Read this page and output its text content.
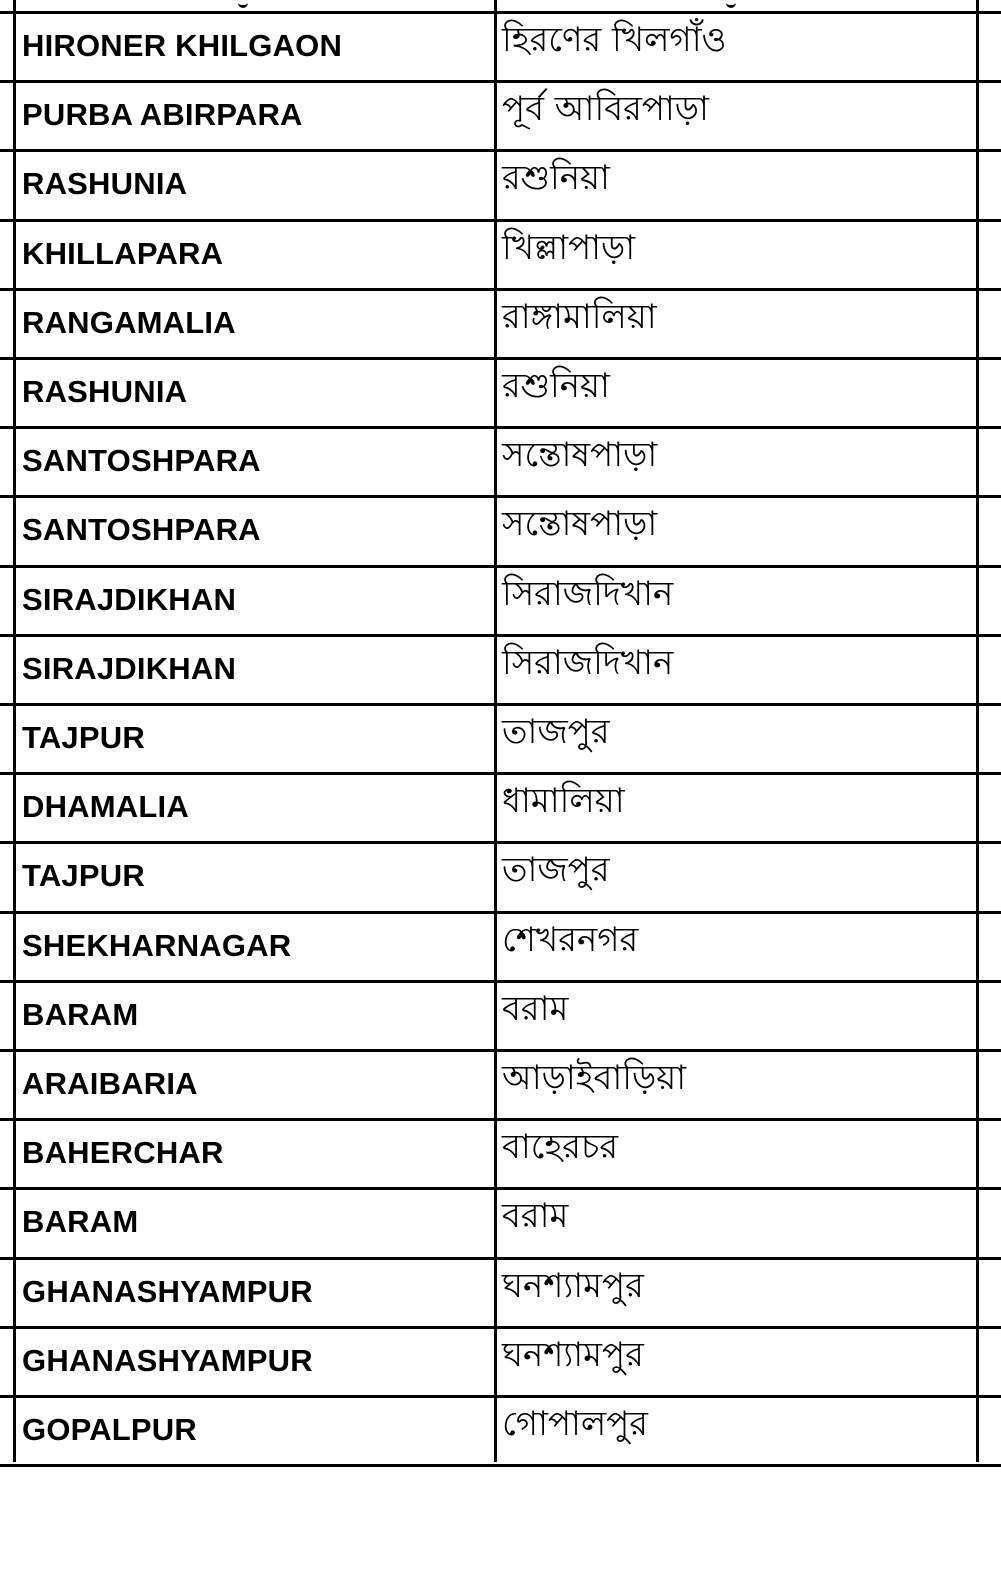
HIRONER KHILGAON	হিরণের খিলগাঁও
PURBA ABIRPARA	পূর্ব আবিরপাড়া
RASHUNIA	রশুনিয়া
KHILLAPARA	খিল্লাপাড়া
RANGAMALIA	রাঙ্গামালিয়া
RASHUNIA	রশুনিয়া
SANTOSHPARA	সন্তোষপাড়া
SANTOSHPARA	সন্তোষপাড়া
SIRAJDIKHAN	সিরাজদিখান
SIRAJDIKHAN	সিরাজদিখান
TAJPUR	তাজপুর
DHAMALIA	ধামালিয়া
TAJPUR	তাজপুর
SHEKHARNAGAR	শেখরনগর
BARAM	বরাম
ARAIBARIA	আড়াইবাড়িয়া
BAHERCHAR	বাহেরচর
BARAM	বরাম
GHANASHYAMPUR	ঘনশ্যামপুর
GHANASHYAMPUR	ঘনশ্যামপুর
GOPALPUR	গোপালপুর
